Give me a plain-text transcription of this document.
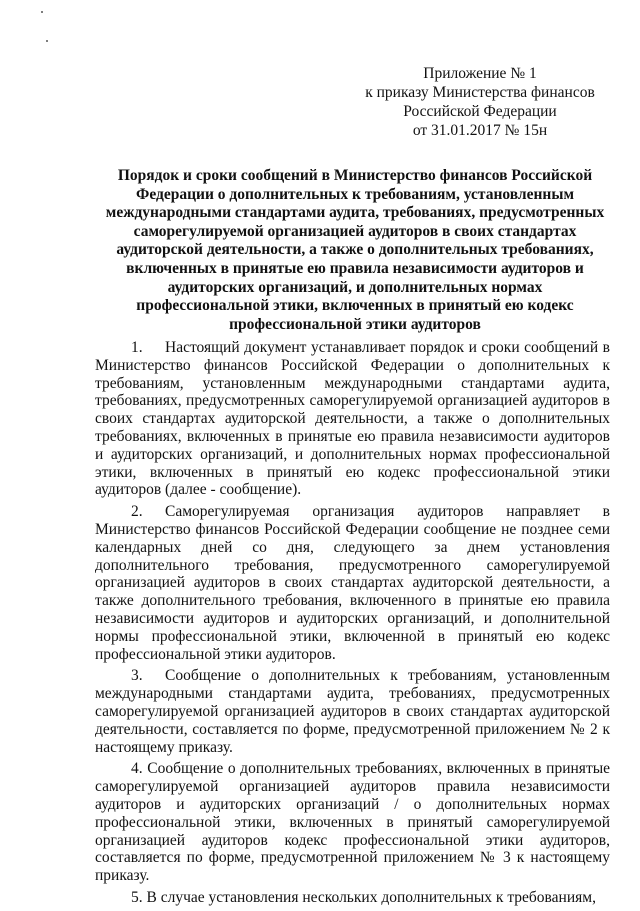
Приложение № 1
к приказу Министерства финансов
Российской Федерации
от 31.01.2017 № 15н
Порядок и сроки сообщений в Министерство финансов Российской Федерации о дополнительных к требованиям, установленным международными стандартами аудита, требованиях, предусмотренных саморегулируемой организацией аудиторов в своих стандартах аудиторской деятельности, а также о дополнительных требованиях, включенных в принятые ею правила независимости аудиторов и аудиторских организаций, и дополнительных нормах профессиональной этики, включенных в принятый ею кодекс профессиональной этики аудиторов

1. Настоящий документ устанавливает порядок и сроки сообщений в Министерство финансов Российской Федерации о дополнительных к требованиям, установленным международными стандартами аудита, требованиях, предусмотренных саморегулируемой организацией аудиторов в своих стандартах аудиторской деятельности, а также о дополнительных требованиях, включенных в принятые ею правила независимости аудиторов и аудиторских организаций, и дополнительных нормах профессиональной этики, включенных в принятый ею кодекс профессиональной этики аудиторов (далее - сообщение).

2. Саморегулируемая организация аудиторов направляет в Министерство финансов Российской Федерации сообщение не позднее семи календарных дней со дня, следующего за днем установления дополнительного требования, предусмотренного саморегулируемой организацией аудиторов в своих стандартах аудиторской деятельности, а также дополнительного требования, включенного в принятые ею правила независимости аудиторов и аудиторских организаций, и дополнительной нормы профессиональной этики, включенной в принятый ею кодекс профессиональной этики аудиторов.

3. Сообщение о дополнительных к требованиям, установленным международными стандартами аудита, требованиях, предусмотренных саморегулируемой организацией аудиторов в своих стандартах аудиторской деятельности, составляется по форме, предусмотренной приложением № 2 к настоящему приказу.

4. Сообщение о дополнительных требованиях, включенных в принятые саморегулируемой организацией аудиторов правила независимости аудиторов и аудиторских организаций / о дополнительных нормах профессиональной этики, включенных в принятый саморегулируемой организацией аудиторов кодекс профессиональной этики аудиторов, составляется по форме, предусмотренной приложением № 3 к настоящему приказу.

5. В случае установления нескольких дополнительных к требованиям,
